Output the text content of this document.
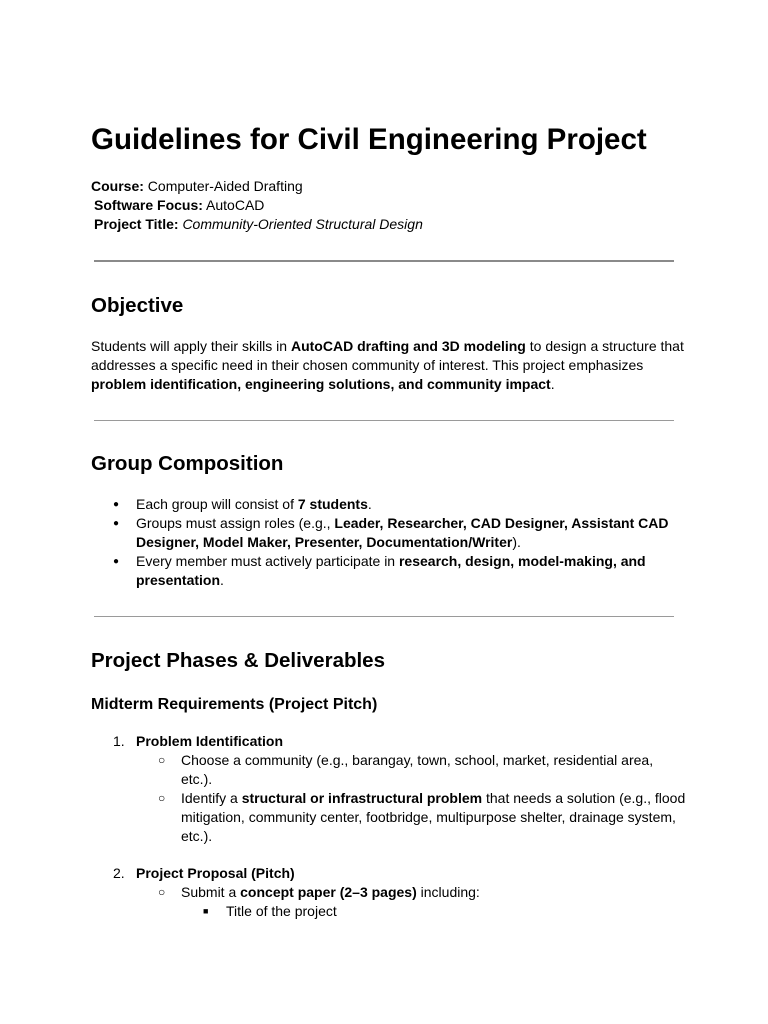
Guidelines for Civil Engineering Project
Course: Computer-Aided Drafting
Software Focus: AutoCAD
Project Title: Community-Oriented Structural Design
Objective
Students will apply their skills in AutoCAD drafting and 3D modeling to design a structure that
addresses a specific need in their chosen community of interest. This project emphasizes
problem identification, engineering solutions, and community impact.
Group Composition
● Each group will consist of 7 students.
● Groups must assign roles (e.g., Leader, Researcher, CAD Designer, Assistant CAD
Designer, Model Maker, Presenter, Documentation/Writer).
● Every member must actively participate in research, design, model-making, and
presentation.
Project Phases & Deliverables
Midterm Requirements (Project Pitch)
1. Problem Identification
○ Choose a community (e.g., barangay, town, school, market, residential area,
etc.).
○ Identify a structural or infrastructural problem that needs a solution (e.g., flood
mitigation, community center, footbridge, multipurpose shelter, drainage system,
etc.).
2. Project Proposal (Pitch)
○ Submit a concept paper (2–3 pages) including:
■ Title of the project
